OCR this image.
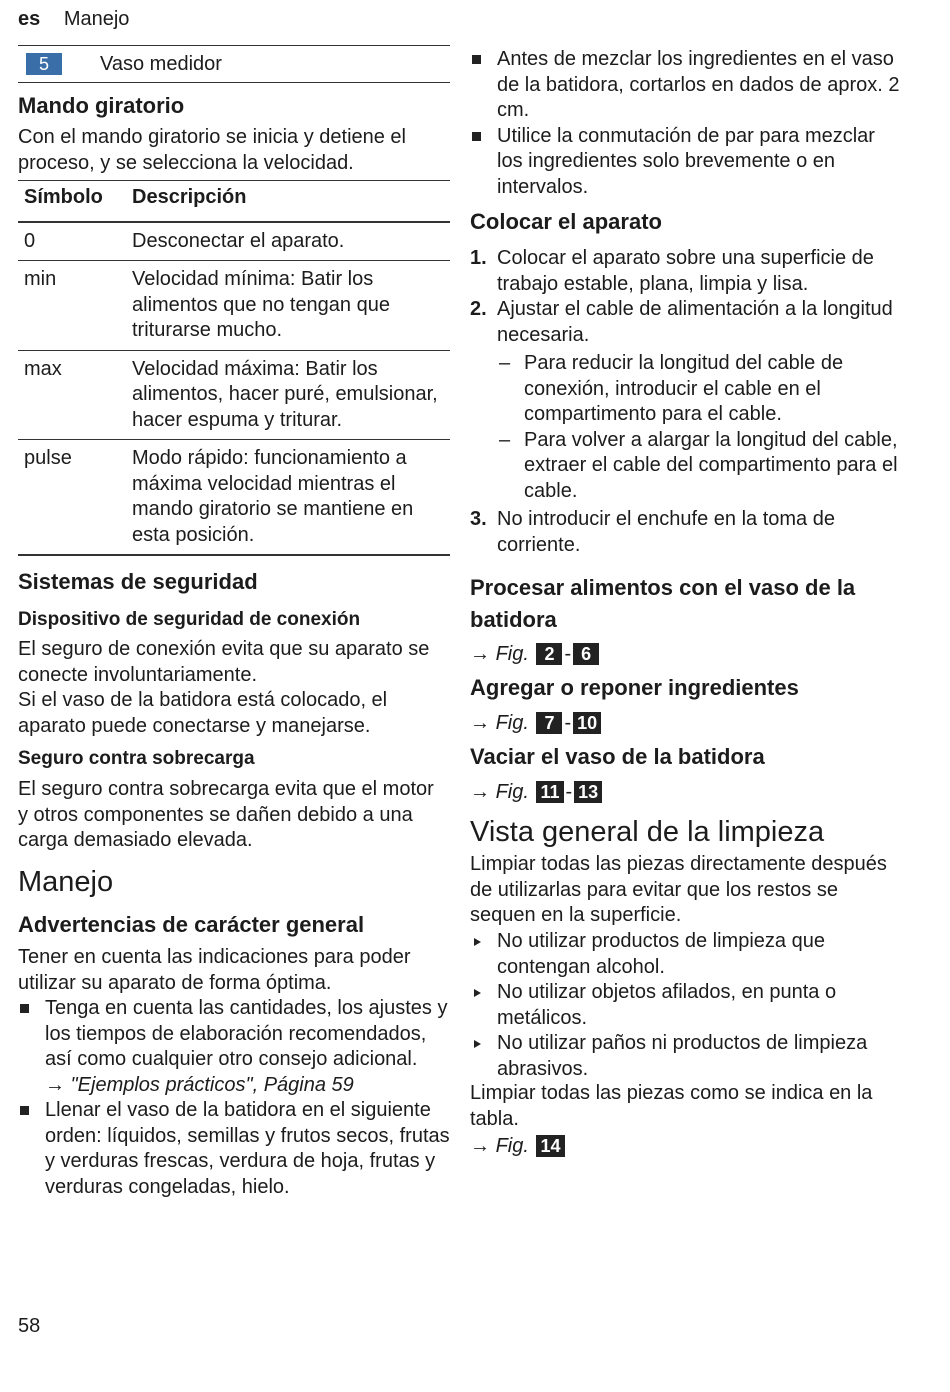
es Manejo
5	Vaso medidor
Mando giratorio
Con el mando giratorio se inicia y detiene el proceso, y se selecciona la velocidad.
Símbolo	Descripción
0	Desconectar el aparato.
min	Velocidad mínima: Batir los alimentos que no tengan que triturarse mucho.
max	Velocidad máxima: Batir los alimentos, hacer puré, emulsionar, hacer espuma y triturar.
pulse	Modo rápido: funcionamiento a máxima velocidad mientras el mando giratorio se mantiene en esta posición.
Sistemas de seguridad
Dispositivo de seguridad de conexión
El seguro de conexión evita que su aparato se conecte involuntariamente.
Si el vaso de la batidora está colocado, el aparato puede conectarse y manejarse.
Seguro contra sobrecarga
El seguro contra sobrecarga evita que el motor y otros componentes se dañen debido a una carga demasiado elevada.
Manejo
Advertencias de carácter general
Tener en cuenta las indicaciones para poder utilizar su aparato de forma óptima.
Tenga en cuenta las cantidades, los ajustes y los tiempos de elaboración recomendados, así como cualquier otro consejo adicional.
→ "Ejemplos prácticos", Página 59
Llenar el vaso de la batidora en el siguiente orden: líquidos, semillas y frutos secos, frutas y verduras frescas, verdura de hoja, frutas y verduras congeladas, hielo.
Antes de mezclar los ingredientes en el vaso de la batidora, cortarlos en dados de aprox. 2 cm.
Utilice la conmutación de par para mezclar los ingredientes solo brevemente o en intervalos.
Colocar el aparato
1. Colocar el aparato sobre una superficie de trabajo estable, plana, limpia y lisa.
2. Ajustar el cable de alimentación a la longitud necesaria.
– Para reducir la longitud del cable de conexión, introducir el cable en el compartimento para el cable.
– Para volver a alargar la longitud del cable, extraer el cable del compartimento para el cable.
3. No introducir el enchufe en la toma de corriente.
Procesar alimentos con el vaso de la batidora
→ Fig. 2 - 6
Agregar o reponer ingredientes
→ Fig. 7 - 10
Vaciar el vaso de la batidora
→ Fig. 11 - 13
Vista general de la limpieza
Limpiar todas las piezas directamente después de utilizarlas para evitar que los restos se sequen en la superficie.
No utilizar productos de limpieza que contengan alcohol.
No utilizar objetos afilados, en punta o metálicos.
No utilizar paños ni productos de limpieza abrasivos.
Limpiar todas las piezas como se indica en la tabla.
→ Fig. 14
58
